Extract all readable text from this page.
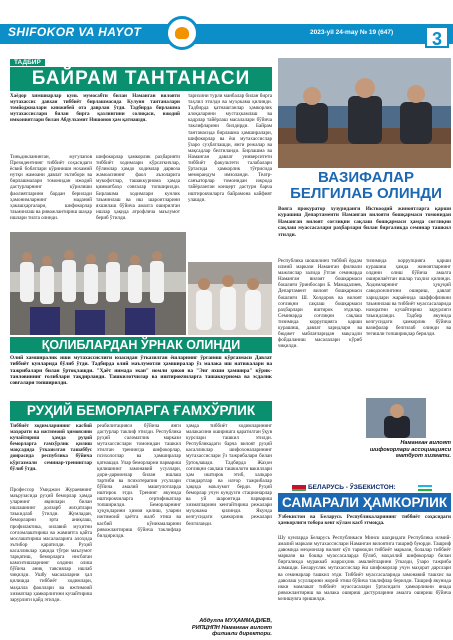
SHIFOKOR VA HAYOT	2023-yil 24-may № 19 (647)	3
ТАДБИР
БАЙРАМ ТАНТАНАСИ
Хаёдор химшиарлар кунь мумосабти билан Наманган вилояти мутахассис давхан тиббиёт бирлашмасида Кулунн тантаналари томйоджиалари кинжибей ота даврлан ўтди. Тадбирда бирлашма мутахассислари билан бирга қазлингини солиқаси, ижодий имкониятлари билан Абдулхамит Нишонов ҳам қатнашди.
Тиньдикланинган, мугулапов Президентнинг тиббиёт соҳасидаги ёсвий бобатлари кўриниши нохамий нутқи жамоани давлат эътибори ва бирлашмалари томонидан ижодий дастурларнинг кўрилиши фаолиятларини бардан берилади ҳамонимларнинг маданий ҳакашҳаргалари, шифокорлар таъминлаш ва ривожлантириш шаҳар ишлари тилга олинди.
шифокорлар ҳамкорлик раҳбарияти тиббиёт ходимлари кўрсаткичлар, бўлимлар ҳамдо ходимлар дарвоза жамоасининг фаол аъзоларига мукофотлар, ташаккурнома ҳамда қимматбаҳо совғалар топширилди. Бирлашма ходимлари кунлик таъминлаш ва иш шароитларини яхшилаш бўйича амалга оширилган ишлар ҳақида атрофлича маълумот бериб ўтилди.
тарихини турли манбалар билан бирга таҳлил этилди ва муҳокама қилинди. Тадбирда қатнашганлар ҳамкорлик алоқаларини мустаҳкамлаш ва кадрлар тайёрлаш масалалари бўйича таклифларини билдирди. Байрам тантанасида бирлашма ҳамширалари, шифокорлар ва ёш мутахассислар ўзаро суҳбатлашди, янги режалар ва мақсадлар белгиланди. Бирлашма ва Наманган давлат университети тиббиёт факультети талабалари ўртасида ҳамкорлик тўғрисида меморандум имзоланди. Театр-санъаторлар томонидан ижрода тайёрланган концерт дастури барча иштирокчиларга байрамона кайфият улашди.
ҚОЛИБЛАРДАН ЎРНАК ОЛИНДИ
Олий хамширалик иши мутахассислиги юзасидан ўтказилган ёшларнинг ўрганиш кўргазмаси Давлат тиббиёт кунларида бўлиб ўтди. Тадбирда олий маълумотли ҳамширалар ўз малака иш натижалари ва тажрибалари билан ўртоқлашди. "Ҳаёт нимада экан" номли ҳикоя ва "Энг яхши ҳамшира" кўрик-танловининг ғолиблари тақдирланди. Ташкилотчилар ва иштирокчиларга ташаккурнома ва эсдалик совғалари топширилди.
РУҲИЙ БЕМОРЛАРГА ҒАМХЎРЛИК
Тиббиёт ходимларининг касбий маҳорати ва ижтимоий ҳимоясини кучайтириш ҳамда руҳий беморларга ғамхўрлик қилиш мақсадида ўтказилган ташаббус доирасида республика бўйича кўргазмали семинар-тренинглар бўлиб ўтди.
Профессор Умиджон Жураевнинг маърузасида руҳий беморлар ҳамда уларнинг яқинлари билан ишлашнинг долзарб жиҳатлари таъкидлаб ўтилди. Жумладан, беморларни эрта аниқлаш, профилактика, оилавий муҳитни соғломлаштириш ва жамиятга қайта мослаштириш масалаларига алоҳида эътибор қаратилди. Руҳий касалликлар ҳақида тўғри маълумот тарқатиш, беморларга нисбатан камситишларнинг олдини олиш бўйича аниқ тавсиялар ишлаб чиқилди. Ушбу масалаларни ҳал қилишда тиббиёт ходимлари, маҳалла фаоллари ва ижтимоий хизматлар ҳамкорлигини кучайтириш зарурлиги қайд этилди.
реабилитацияси бўйича янги дастурлар таклиф этилди. Республика руҳий саломатлик маркази мутахассислари томонидан ташкил этилган тренингда шифокорлар, психологлар ва ҳамширалар қатнашди. Улар беморларни парвариш қилишнинг замонавий усуллари, дори-дармонлар билан ишлаш тартиби ва психотерапия усуллари бўйича амалий машғулотларда иштирок этди. Тренинг якунида иштирокчиларга сертификатлар топширилди. Беморларнинг ҳуқуқларини ҳимоя қилиш, уларни ижтимоий ҳаётга жалб этиш ва касбий кўникмаларини ривожлантириш бўйича таклифлар билдирилди.
ҳамда тиббиёт ходимларининг малакасини оширишга қаратилган ўқув курслари ташкил этилди. Республикадаги барча вилоят руҳий касалликлар шифохоналарининг мутахассислари ўз тажрибалари билан ўртоқлашди. Тадбирда Жаҳон соғлиқни сақлаш ташкилоти вакиллари ҳам иштирок этиб, халқаро стандартлар ва илғор тажрибалар ҳақида маълумот берди. Руҳий беморлар учун кундузги стационарлар ва уй шароитида парвариш хизматларини кенгайтириш режалари муҳокама қилинди. Якунда келгусидаги ҳамкорлик режалари белгиланди.
Абдулла МУҲАММАДИЕВ,
РИПЦНПН Наманган вилоят филиали директори.
ВАЗИФАЛАР БЕЛГИЛАБ ОЛИНДИ
Вояга прокуратор хузуриданги Икткоодий жиноятларга қарши курашиш Департаменти Наманган вилояти бошқармаси томонидан Наманган вилоят соғлиқни сақлаш бошқармаси ҳамда соғлиқни сақлаш муассасалари раҳбарлари билан биргаликда семинар ташкил этилди.
Республика шошилинч тиббий ёрдам илмий маркази Наманган филиали мажлислар залида ўтган семинарда Наманган вилоят бошқармаси бошлиғи ўринбосари Б. Мамадалиев, Департамент вилоят бошқармаси бошлиғи Ш. Холдоров ва вилоят соғлиқни сақлаш бошқармаси раҳбарлари иштирок этдилар. Семинарда соғлиқни сақлаш тизимида коррупцияга қарши курашиш, давлат харидлари ва бюджет маблағларидан мақсадли фойдаланиш масалалари кўриб чиқилди.
тизимида коррупцияга қарши курашиш ҳамда жиноятларнинг олдини олиш бўйича амалга оширилаётган ишлар таҳлил қилинди. Ходимларнинг ҳуқуқий саводхонлигини ошириш, давлат харидлари жараёнида шаффофликни таъминлаш ва тиббиёт муассасаларида назоратни кучайтириш зарурлиги таъкидланди. Тадбир якунида келгусидаги ҳамкорлик бўйича вазифалар белгилаб олинди ва тегишли топшириқлар берилди.
Наманган вилоят
шифокорлари ассоциацияси
матбуот хизмати.
БЕЛАРУСЬ - ЎЗБЕКИСТОН:
САМАРАЛИ ҲАМКОРЛИК
Ўзбекистон ва Беларусь Республикаларининг тиббиёт соҳасидаги ҳамкорлиги тобора кенг кўлам касб этмоқда.
Шу кунларда Беларусь Республикаси Минск шаҳридаги Республика илмий-амалий маркази мутахассислари Наманган вилоятига ташриф буюрди. Ташриф давомида меҳмонлар вилоят кўп тармоқли тиббиёт маркази, болалар тиббиёт маркази ва бошқа муассасаларда бўлиб, маҳаллий шифокорлар билан биргаликда мураккаб жарроҳлик амалиётларини ўтказди, ўзаро тажриба алмашди. Беларуслик мутахассислар ёш шифокорлар учун маҳорат дарслари ва семинарлар ташкил этди. Тиббиёт муассасаларида замонавий ташхис ва даволаш усулларини жорий этиш бўйича таклифлар берилди. Ташриф якунида икки мамлакат тиббиёт муассасалари ўртасидаги ҳамкорликни янада ривожлантириш ва малака ошириш дастурларини амалга ошириш бўйича келишувга эришилди.
